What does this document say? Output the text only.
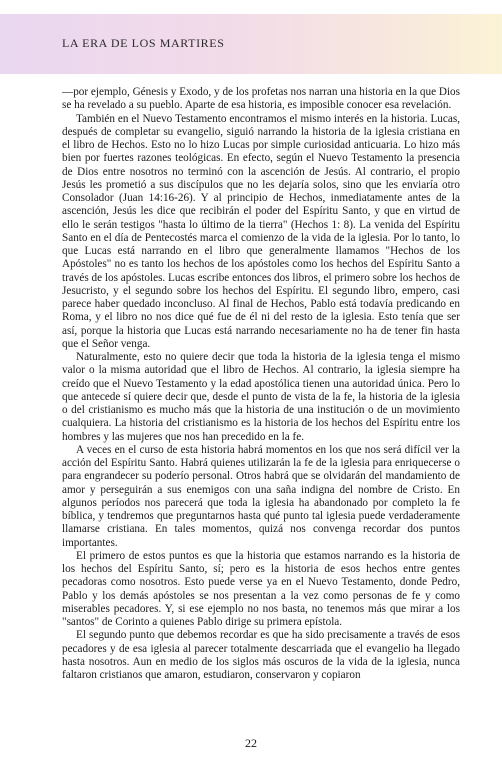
LA ERA DE LOS MARTIRES

—por ejemplo, Génesis y Exodo, y de los profetas nos narran una historia en la que Dios se ha revelado a su pueblo. Aparte de esa historia, es imposible conocer esa revelación.

También en el Nuevo Testamento encontramos el mismo interés en la historia. Lucas, después de completar su evangelio, siguió narrando la historia de la iglesia cristiana en el libro de Hechos. Esto no lo hizo Lucas por simple curiosidad anticuaria. Lo hizo más bien por fuertes razones teológicas. En efecto, según el Nuevo Testamento la presencia de Dios entre nosotros no terminó con la ascención de Jesús. Al contrario, el propio Jesús les prometió a sus discípulos que no les dejaría solos, sino que les enviaría otro Consolador (Juan 14:16-26). Y al principio de Hechos, inmediatamente antes de la ascención, Jesús les dice que recibirán el poder del Espíritu Santo, y que en virtud de ello le serán testigos "hasta lo último de la tierra" (Hechos 1: 8). La venida del Espíritu Santo en el día de Pentecostés marca el comienzo de la vida de la iglesia. Por lo tanto, lo que Lucas está narrando en el libro que generalmente llamamos "Hechos de los Apóstoles" no es tanto los hechos de los apóstoles como los hechos del Espíritu Santo a través de los apóstoles. Lucas escribe entonces dos libros, el primero sobre los hechos de Jesucristo, y el segundo sobre los hechos del Espíritu. El segundo libro, empero, casi parece haber quedado inconcluso. Al final de Hechos, Pablo está todavía predicando en Roma, y el libro no nos dice qué fue de él ni del resto de la iglesia. Esto tenía que ser así, porque la historia que Lucas está narrando necesariamente no ha de tener fin hasta que el Señor venga.

Naturalmente, esto no quiere decir que toda la historia de la iglesia tenga el mismo valor o la misma autoridad que el libro de Hechos. Al contrario, la iglesia siempre ha creído que el Nuevo Testamento y la edad apostólica tienen una autoridad única. Pero lo que antecede sí quiere decir que, desde el punto de vista de la fe, la historia de la iglesia o del cristianismo es mucho más que la historia de una institución o de un movimiento cualquiera. La historia del cristianismo es la historia de los hechos del Espíritu entre los hombres y las mujeres que nos han precedido en la fe.

A veces en el curso de esta historia habrá momentos en los que nos será difícil ver la acción del Espíritu Santo. Habrá quienes utilizarán la fe de la iglesia para enriquecerse o para engrandecer su poderío personal. Otros habrá que se olvidarán del mandamiento de amor y perseguirán a sus enemigos con una saña indigna del nombre de Cristo. En algunos períodos nos parecerá que toda la iglesia ha abandonado por completo la fe bíblica, y tendremos que preguntarnos hasta qué punto tal iglesia puede verdaderamente llamarse cristiana. En tales momentos, quizá nos convenga recordar dos puntos importantes.

El primero de estos puntos es que la historia que estamos narrando es la historia de los hechos del Espíritu Santo, sí; pero es la historia de esos hechos entre gentes pecadoras como nosotros. Esto puede verse ya en el Nuevo Testamento, donde Pedro, Pablo y los demás apóstoles se nos presentan a la vez como personas de fe y como miserables pecadores. Y, si ese ejemplo no nos basta, no tenemos más que mirar a los "santos" de Corinto a quienes Pablo dirige su primera epístola.

El segundo punto que debemos recordar es que ha sido precisamente a través de esos pecadores y de esa iglesia al parecer totalmente descarriada que el evangelio ha llegado hasta nosotros. Aun en medio de los siglos más oscuros de la vida de la iglesia, nunca faltaron cristianos que amaron, estudiaron, conservaron y copiaron

22
